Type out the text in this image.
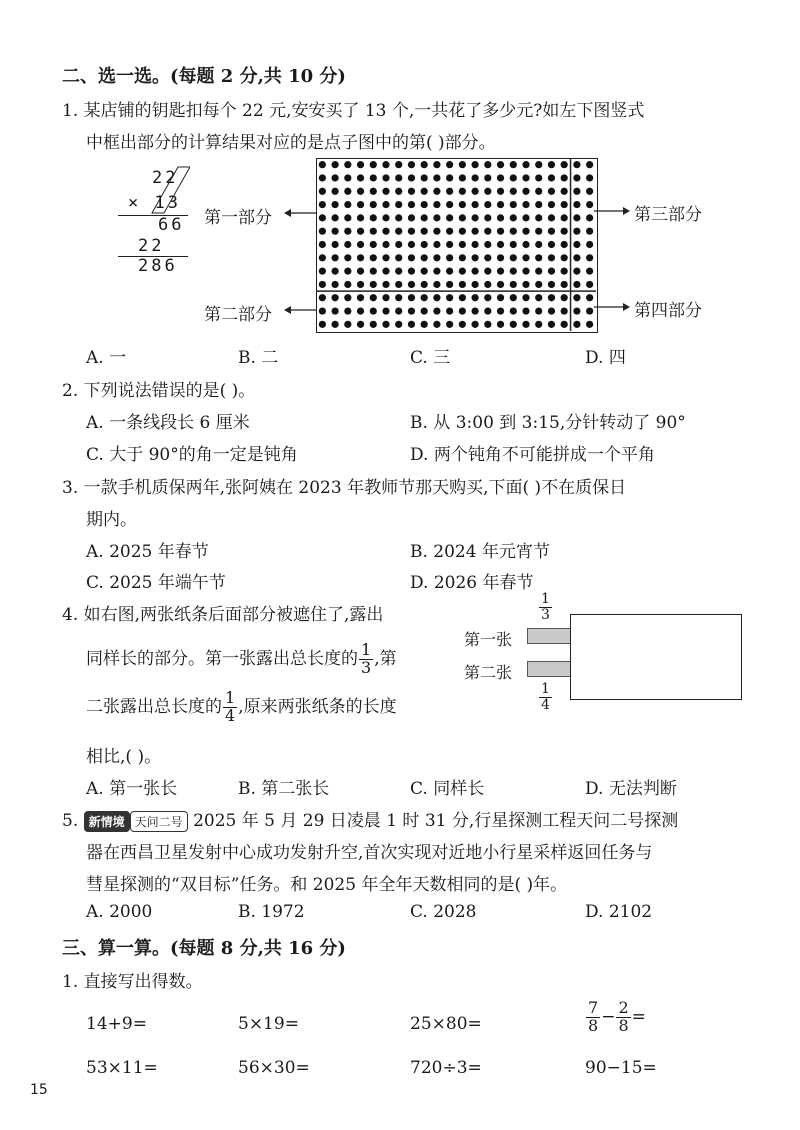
二、选一选。(每题 2 分,共 10 分)
1. 某店铺的钥匙扣每个 22 元,安安买了 13 个,一共花了多少元?如左下图竖式
中框出部分的计算结果对应的是点子图中的第( )部分。
22
× 13
66
22
286
第一部分
第二部分
第三部分
第四部分
A. 一	B. 二	C. 三	D. 四
2. 下列说法错误的是( )。
A. 一条线段长 6 厘米	B. 从 3:00 到 3:15,分针转动了 90°
C. 大于 90°的角一定是钝角	D. 两个钝角不可能拼成一个平角
3. 一款手机质保两年,张阿姨在 2023 年教师节那天购买,下面( )不在质保日
期内。
A. 2025 年春节	B. 2024 年元宵节
C. 2025 年端午节	D. 2026 年春节
4. 如右图,两张纸条后面部分被遮住了,露出
同样长的部分。第一张露出总长度的 $\frac{1}{3}$ ,第
二张露出总长度的 $\frac{1}{4}$ ,原来两张纸条的长度
相比,( )。
第一张
第二张
$\frac{1}{3}$
$\frac{1}{4}$
A. 第一张长	B. 第二张长	C. 同样长	D. 无法判断
5. 新情境 天问二号 2025 年 5 月 29 日凌晨 1 时 31 分,行星探测工程天问二号探测
器在西昌卫星发射中心成功发射升空,首次实现对近地小行星采样返回任务与
彗星探测的“双目标”任务。和 2025 年全年天数相同的是( )年。
A. 2000	B. 1972	C. 2028	D. 2102
三、算一算。(每题 8 分,共 16 分)
1. 直接写出得数。
14+9=	5×19=	25×80=	$\frac{7}{8} - \frac{2}{8}$ =
53×11=	56×30=	720÷3=	90−15=
15
